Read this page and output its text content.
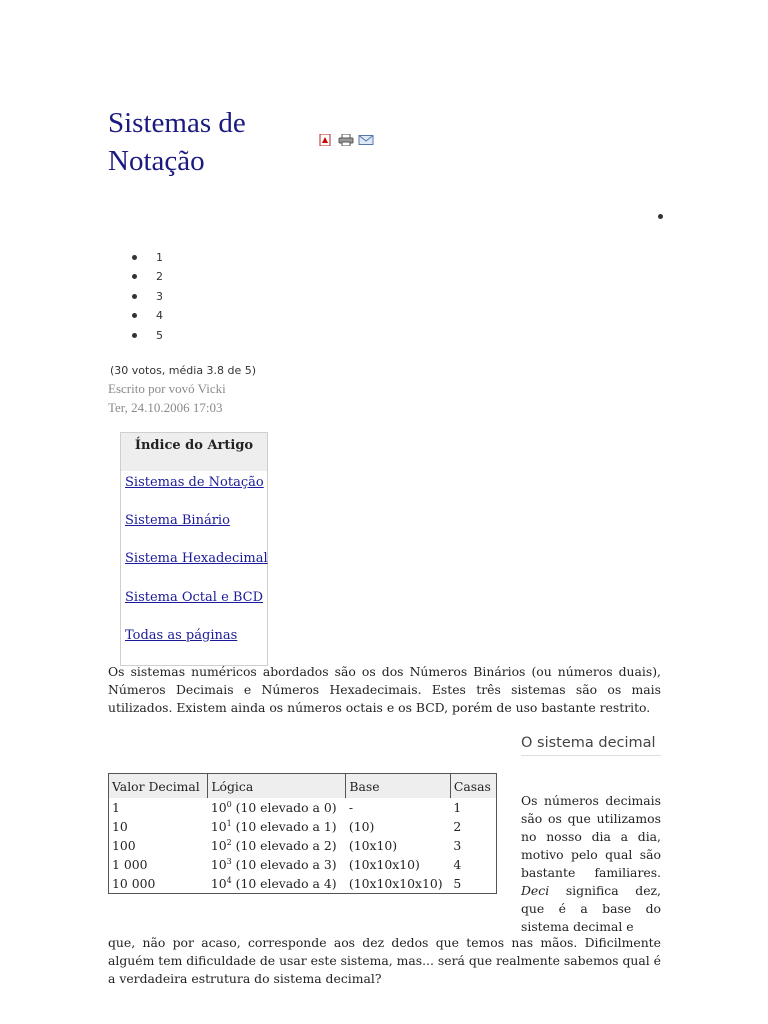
Sistemas de Notação
1
2
3
4
5
(30 votos, média 3.8 de 5)
Escrito por vovó Vicki
Ter, 24.10.2006 17:03
Índice do Artigo
Sistemas de Notação
Sistema Binário
Sistema Hexadecimal
Sistema Octal e BCD
Todas as páginas

Os sistemas numéricos abordados são os dos Números Binários (ou números duais), Números Decimais e Números Hexadecimais. Estes três sistemas são os mais utilizados. Existem ainda os números octais e os BCD, porém de uso bastante restrito.

O sistema decimal

Os números decimais são os que utilizamos no nosso dia a dia, motivo pelo qual são bastante familiares. Deci significa dez, que é a base do sistema decimal e

Valor Decimal	Lógica	Base	Casas
1	$10^0$ (10 elevado a 0)	-	1
10	$10^1$ (10 elevado a 1)	(10)	2
100	$10^2$ (10 elevado a 2)	(10x10)	3
1 000	$10^3$ (10 elevado a 3)	(10x10x10)	4
10 000	$10^4$ (10 elevado a 4)	(10x10x10x10)	5

que, não por acaso, corresponde aos dez dedos que temos nas mãos. Dificilmente alguém tem dificuldade de usar este sistema, mas... será que realmente sabemos qual é a verdadeira estrutura do sistema decimal?
